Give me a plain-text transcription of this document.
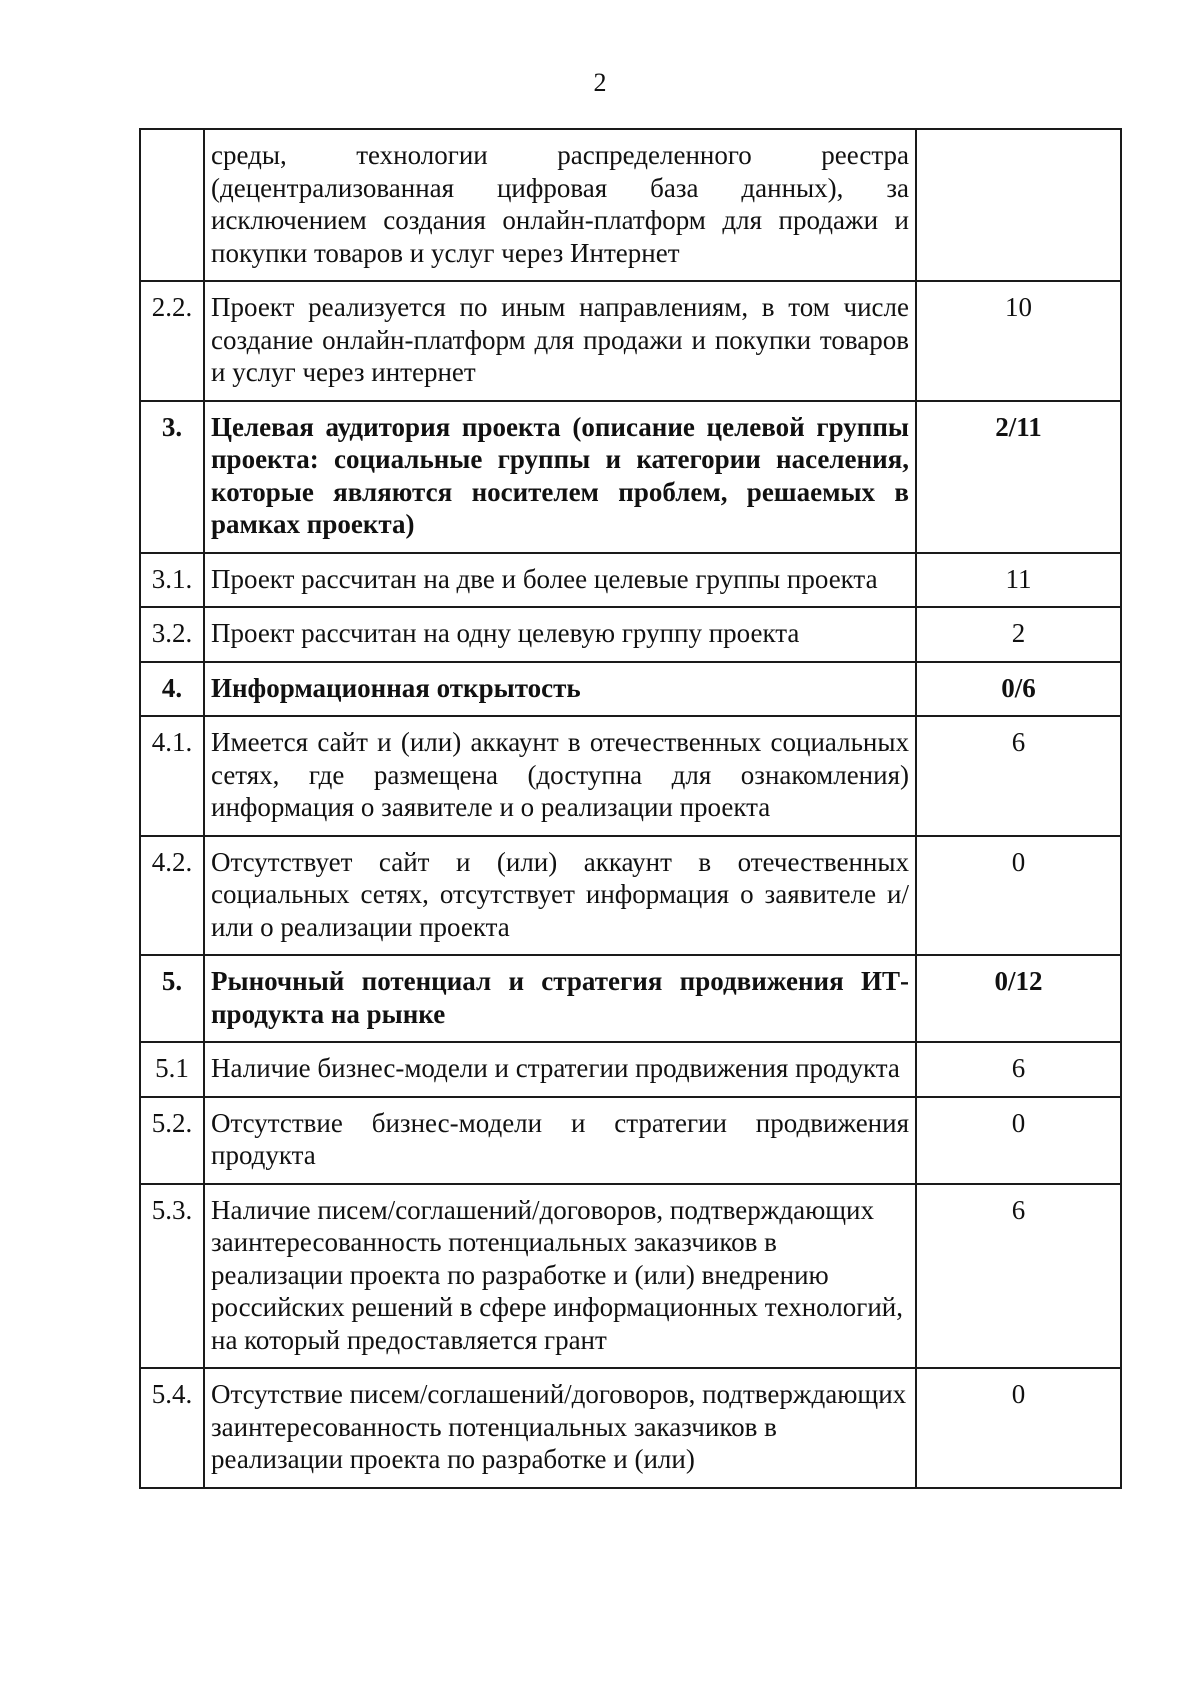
2
	среды, технологии распределенного реестра (децентрализованная цифровая база данных), за исключением создания онлайн-платформ для продажи и покупки товаров и услуг через Интернет	
2.2.	Проект реализуется по иным направлениям, в том числе создание онлайн-платформ для продажи и покупки товаров и услуг через интернет	10
3.	Целевая аудитория проекта (описание целевой группы проекта: социальные группы и категории населения, которые являются носителем проблем, решаемых в рамках проекта)	2/11
3.1.	Проект рассчитан на две и более целевые группы проекта	11
3.2.	Проект рассчитан на одну целевую группу проекта	2
4.	Информационная открытость	0/6
4.1.	Имеется сайт и (или) аккаунт в отечественных социальных сетях, где размещена (доступна для ознакомления) информация о заявителе и о реализации проекта	6
4.2.	Отсутствует сайт и (или) аккаунт в отечественных социальных сетях, отсутствует информация о заявителе и/или о реализации проекта	0
5.	Рыночный потенциал и стратегия продвижения ИТ-продукта на рынке	0/12
5.1	Наличие бизнес-модели и стратегии продвижения продукта	6
5.2.	Отсутствие бизнес-модели и стратегии продвижения продукта	0
5.3.	Наличие писем/соглашений/договоров, подтверждающих заинтересованность потенциальных заказчиков в реализации проекта по разработке и (или) внедрению российских решений в сфере информационных технологий, на который предоставляется грант	6
5.4.	Отсутствие писем/соглашений/договоров, подтверждающих заинтересованность потенциальных заказчиков в реализации проекта по разработке и (или)	0
